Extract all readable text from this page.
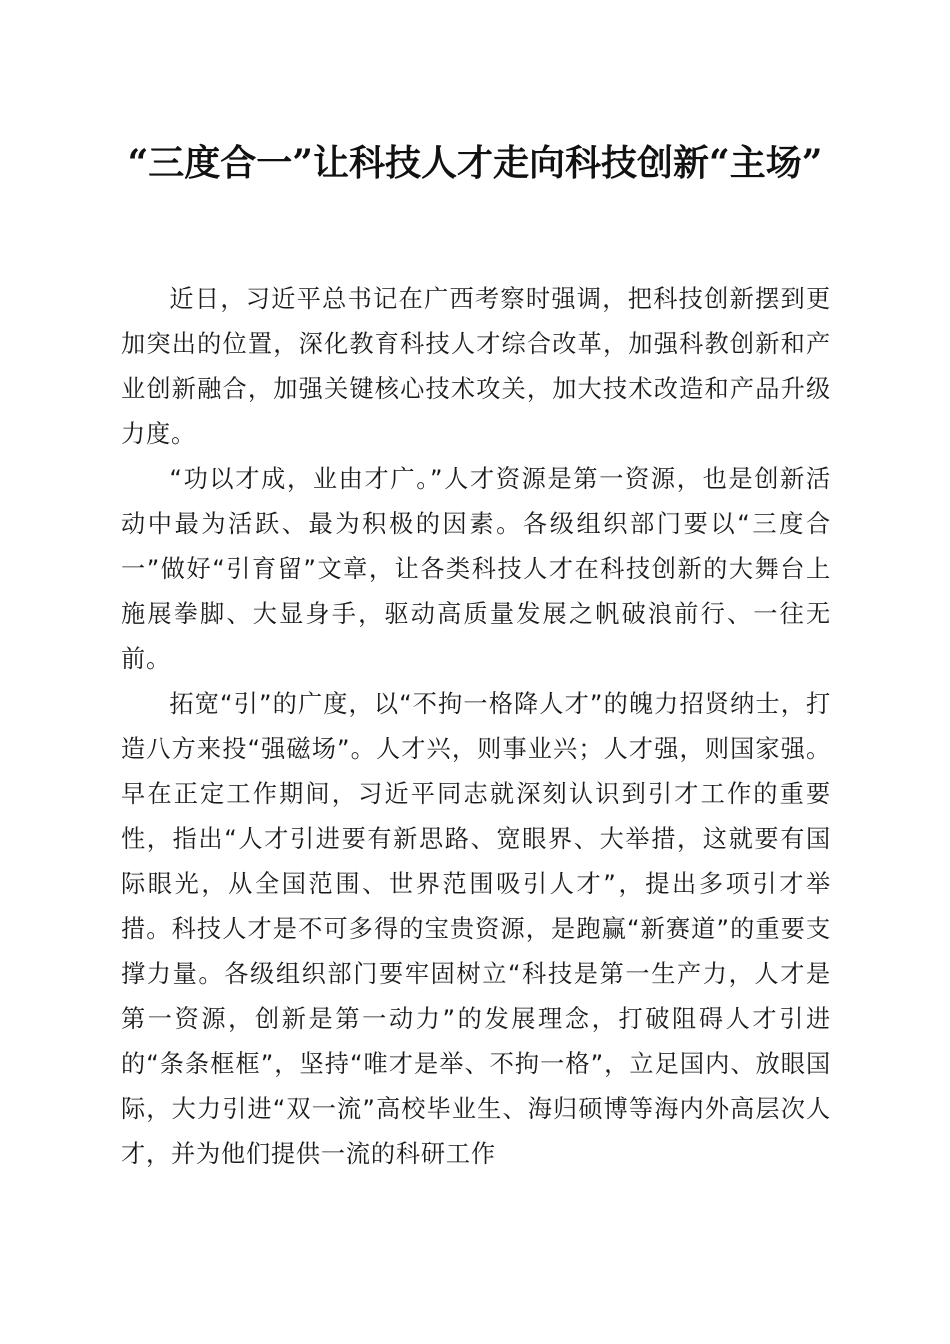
“三度合一”让科技人才走向科技创新“主场”

近日，习近平总书记在广西考察时强调，把科技创新摆到更加突出的位置，深化教育科技人才综合改革，加强科教创新和产业创新融合，加强关键核心技术攻关，加大技术改造和产品升级力度。

“功以才成，业由才广。”人才资源是第一资源，也是创新活动中最为活跃、最为积极的因素。各级组织部门要以“三度合一”做好“引育留”文章，让各类科技人才在科技创新的大舞台上施展拳脚、大显身手，驱动高质量发展之帆破浪前行、一往无前。

拓宽“引”的广度，以“不拘一格降人才”的魄力招贤纳士，打造八方来投“强磁场”。人才兴，则事业兴；人才强，则国家强。早在正定工作期间，习近平同志就深刻认识到引才工作的重要性，指出“人才引进要有新思路、宽眼界、大举措，这就要有国际眼光，从全国范围、世界范围吸引人才”，提出多项引才举措。科技人才是不可多得的宝贵资源，是跑赢“新赛道”的重要支撑力量。各级组织部门要牢固树立“科技是第一生产力，人才是第一资源，创新是第一动力”的发展理念，打破阻碍人才引进的“条条框框”，坚持“唯才是举、不拘一格”，立足国内、放眼国际，大力引进“双一流”高校毕业生、海归硕博等海内外高层次人才，并为他们提供一流的科研工作
